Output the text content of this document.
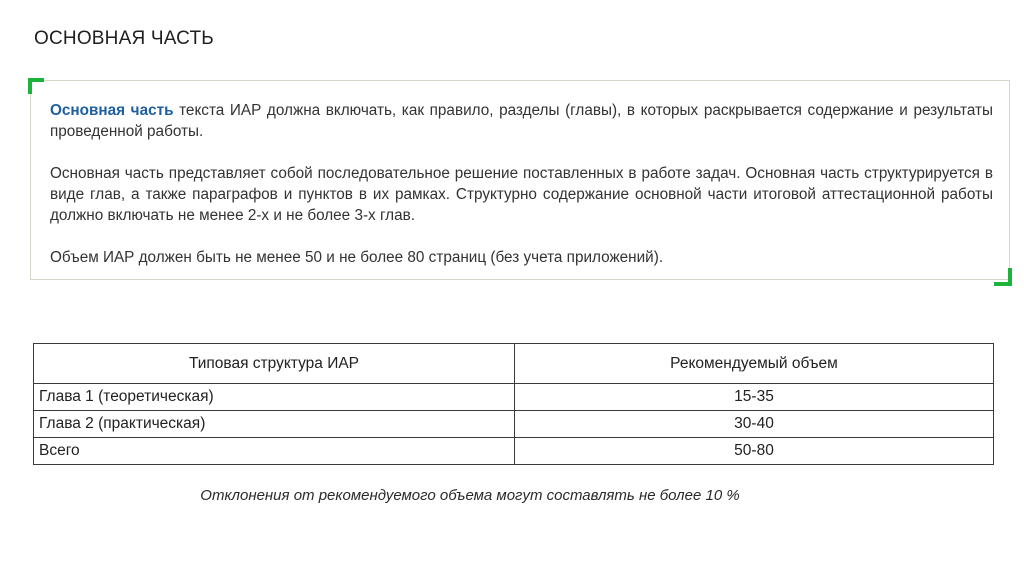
ОСНОВНАЯ ЧАСТЬ

Основная часть текста ИАР должна включать, как правило, разделы (главы), в которых раскрывается содержание и результаты проведенной работы.

Основная часть представляет собой последовательное решение поставленных в работе задач. Основная часть структурируется в виде глав, а также параграфов и пунктов в их рамках. Структурно содержание основной части итоговой аттестационной работы должно включать не менее 2-х и не более 3-х глав.

Объем ИАР должен быть не менее 50 и не более 80 страниц (без учета приложений).

Типовая структура ИАР	Рекомендуемый объем
Глава 1 (теоретическая)	15-35
Глава 2 (практическая)	30-40
Всего	50-80
Отклонения от рекомендуемого объема могут составлять не более 10 %
